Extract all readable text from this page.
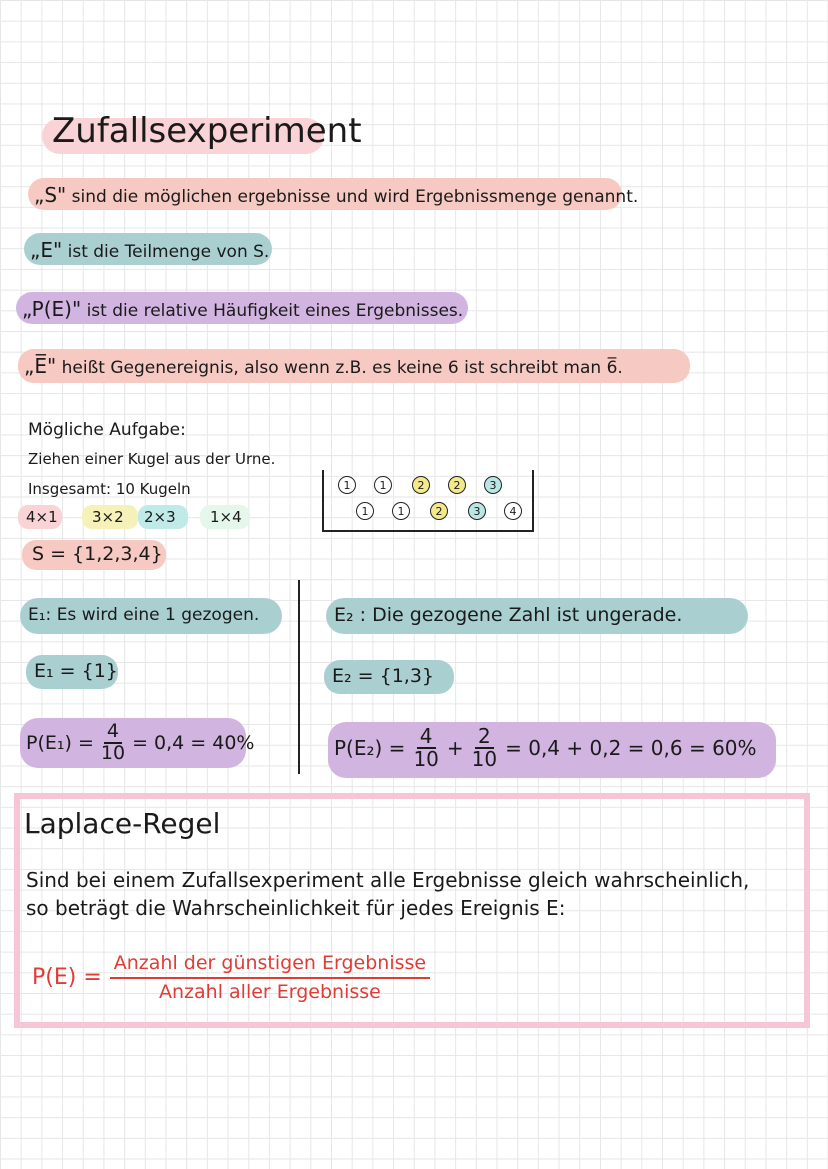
Zufallsexperiment
„S" sind die möglichen ergebnisse und wird Ergebnissmenge genannt.
„E" ist die Teilmenge von S.
„P(E)" ist die relative Häufigkeit eines Ergebnisses.
„E̅" heißt Gegenereignis, also wenn z.B. es keine 6 ist schreibt man 6̅.
Mögliche Aufgabe:
Ziehen einer Kugel aus der Urne.
Insgesamt: 10 Kugeln
4×1 3×2 2×3 1×4
S = {1,2,3,4}
1	1	2	2	3
1	1	2	3	4
E₁: Es wird eine 1 gezogen.
E₁ = {1}
$P(E_1) = \frac{4}{10} = 0,4 = 40\%$
E₂ : Die gezogene Zahl ist ungerade.
E₂ = {1,3}
$P(E_2) = \frac{4}{10} + \frac{2}{10} = 0,4 + 0,2 = 0,6 = 60\%$
Laplace-Regel
Sind bei einem Zufallsexperiment alle Ergebnisse gleich wahrscheinlich,
so beträgt die Wahrscheinlichkeit für jedes Ereignis E:
$P(E) = \frac{\text{Anzahl der günstigen Ergebnisse}}{\text{Anzahl aller Ergebnisse}}$
